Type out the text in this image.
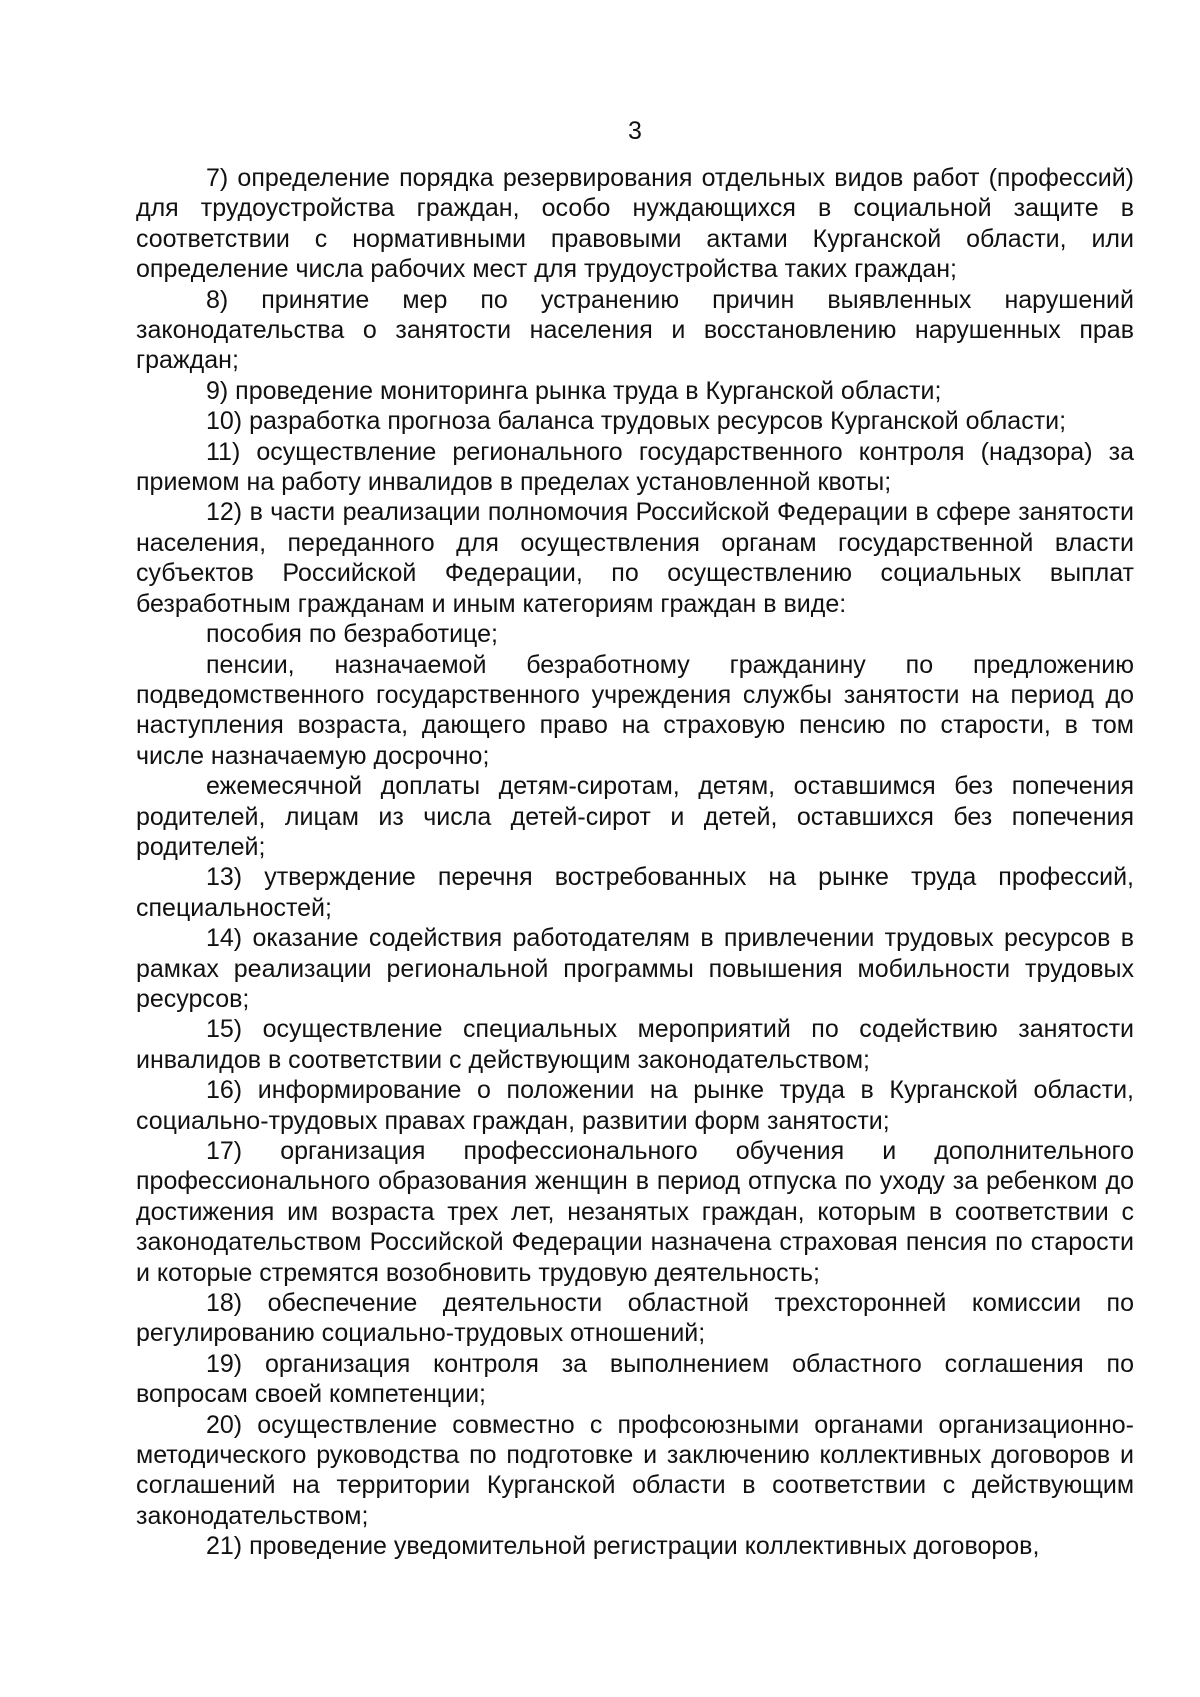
3

7) определение порядка резервирования отдельных видов работ (профессий) для трудоустройства граждан, особо нуждающихся в социальной защите в соответствии с нормативными правовыми актами Курганской области, или определение числа рабочих мест для трудоустройства таких граждан;

8) принятие мер по устранению причин выявленных нарушений законодательства о занятости населения и восстановлению нарушенных прав граждан;

9) проведение мониторинга рынка труда в Курганской области;

10) разработка прогноза баланса трудовых ресурсов Курганской области;

11) осуществление регионального государственного контроля (надзора) за приемом на работу инвалидов в пределах установленной квоты;

12) в части реализации полномочия Российской Федерации в сфере занятости населения, переданного для осуществления органам государственной власти субъектов Российской Федерации, по осуществлению социальных выплат безработным гражданам и иным категориям граждан в виде:

пособия по безработице;

пенсии, назначаемой безработному гражданину по предложению подведомственного государственного учреждения службы занятости на период до наступления возраста, дающего право на страховую пенсию по старости, в том числе назначаемую досрочно;

ежемесячной доплаты детям-сиротам, детям, оставшимся без попечения родителей, лицам из числа детей-сирот и детей, оставшихся без попечения родителей;

13) утверждение перечня востребованных на рынке труда профессий, специальностей;

14) оказание содействия работодателям в привлечении трудовых ресурсов в рамках реализации региональной программы повышения мобильности трудовых ресурсов;

15) осуществление специальных мероприятий по содействию занятости инвалидов в соответствии с действующим законодательством;

16) информирование о положении на рынке труда в Курганской области, социально-трудовых правах граждан, развитии форм занятости;

17) организация профессионального обучения и дополнительного профессионального образования женщин в период отпуска по уходу за ребенком до достижения им возраста трех лет, незанятых граждан, которым в соответствии с законодательством Российской Федерации назначена страховая пенсия по старости и которые стремятся возобновить трудовую деятельность;

18) обеспечение деятельности областной трехсторонней комиссии по регулированию социально-трудовых отношений;

19) организация контроля за выполнением областного соглашения по вопросам своей компетенции;

20) осуществление совместно с профсоюзными органами организационно-методического руководства по подготовке и заключению коллективных договоров и соглашений на территории Курганской области в соответствии с действующим законодательством;

21) проведение уведомительной регистрации коллективных договоров,
